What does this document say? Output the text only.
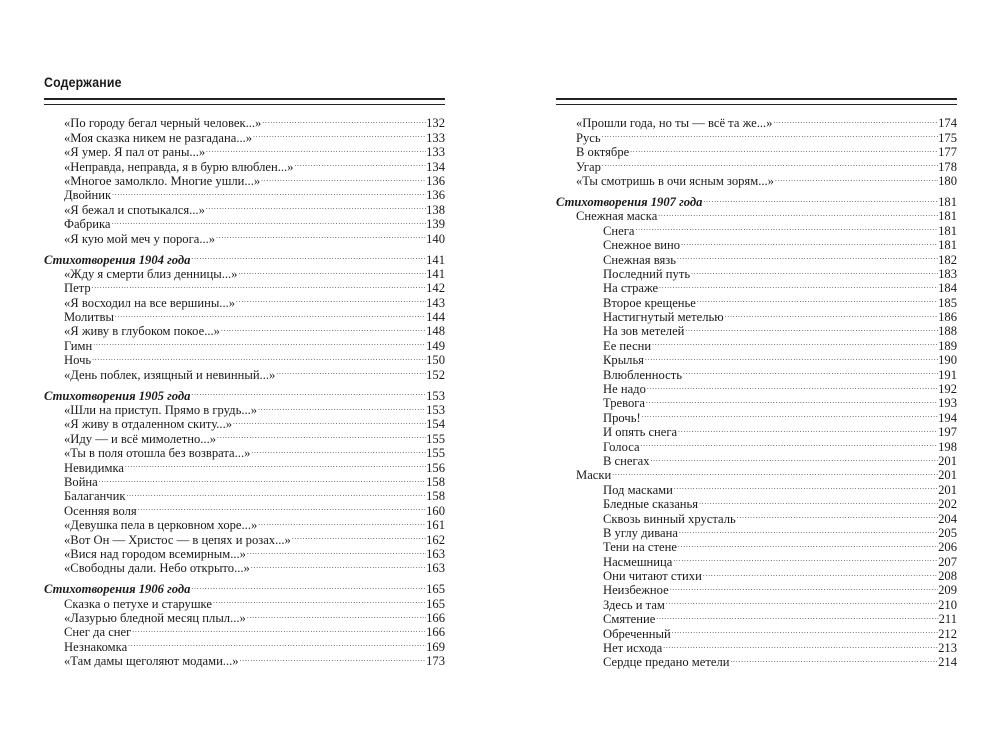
Содержание
«По городу бегал черный человек...» . . .	132
«Моя сказка никем не разгадана...» . . .	133
«Я умер. Я пал от раны...» . . .	133
«Неправда, неправда, я в бурю влюблен...» . . .	134
«Многое замолкло. Многие ушли...» . . .	136
Двойник . . .	136
«Я бежал и спотыкался...» . . .	138
Фабрика . . .	139
«Я кую мой меч у порога...» . . .	140
Стихотворения 1904 года . . .	141
«Жду я смерти близ денницы...» . . .	141
Петр . . .	142
«Я восходил на все вершины...» . . .	143
Молитвы . . .	144
«Я живу в глубоком покое...» . . .	148
Гимн . . .	149
Ночь . . .	150
«День поблек, изящный и невинный...» . . .	152
Стихотворения 1905 года . . .	153
«Шли на приступ. Прямо в грудь...» . . .	153
«Я живу в отдаленном скиту...» . . .	154
«Иду — и всё мимолетно...» . . .	155
«Ты в поля отошла без возврата...» . . .	155
Невидимка . . .	156
Война . . .	158
Балаганчик . . .	158
Осенняя воля . . .	160
«Девушка пела в церковном хоре...» . . .	161
«Вот Он — Христос — в цепях и розах...» . . .	162
«Вися над городом всемирным...» . . .	163
«Свободны дали. Небо открыто...» . . .	163
Стихотворения 1906 года . . .	165
Сказка о петухе и старушке . . .	165
«Лазурью бледной месяц плыл...» . . .	166
Снег да снег . . .	166
Незнакомка . . .	169
«Там дамы щеголяют модами...» . . .	173
«Прошли года, но ты — всё та же...» . . .	174
Русь . . .	175
В октябре . . .	177
Угар . . .	178
«Ты смотришь в очи ясным зорям...» . . .	180
Стихотворения 1907 года . . .	181
Снежная маска . . .	181
Снега . . .	181
Снежное вино . . .	181
Снежная вязь . . .	182
Последний путь . . .	183
На страже . . .	184
Второе крещенье . . .	185
Настигнутый метелью . . .	186
На зов метелей . . .	188
Ее песни . . .	189
Крылья . . .	190
Влюбленность . . .	191
Не надо . . .	192
Тревога . . .	193
Прочь! . . .	194
И опять снега . . .	197
Голоса . . .	198
В снегах . . .	201
Маски . . .	201
Под масками . . .	201
Бледные сказанья . . .	202
Сквозь винный хрусталь . . .	204
В углу дивана . . .	205
Тени на стене . . .	206
Насмешница . . .	207
Они читают стихи . . .	208
Неизбежное . . .	209
Здесь и там . . .	210
Смятение . . .	211
Обреченный . . .	212
Нет исхода . . .	213
Сердце предано метели . . .	214
